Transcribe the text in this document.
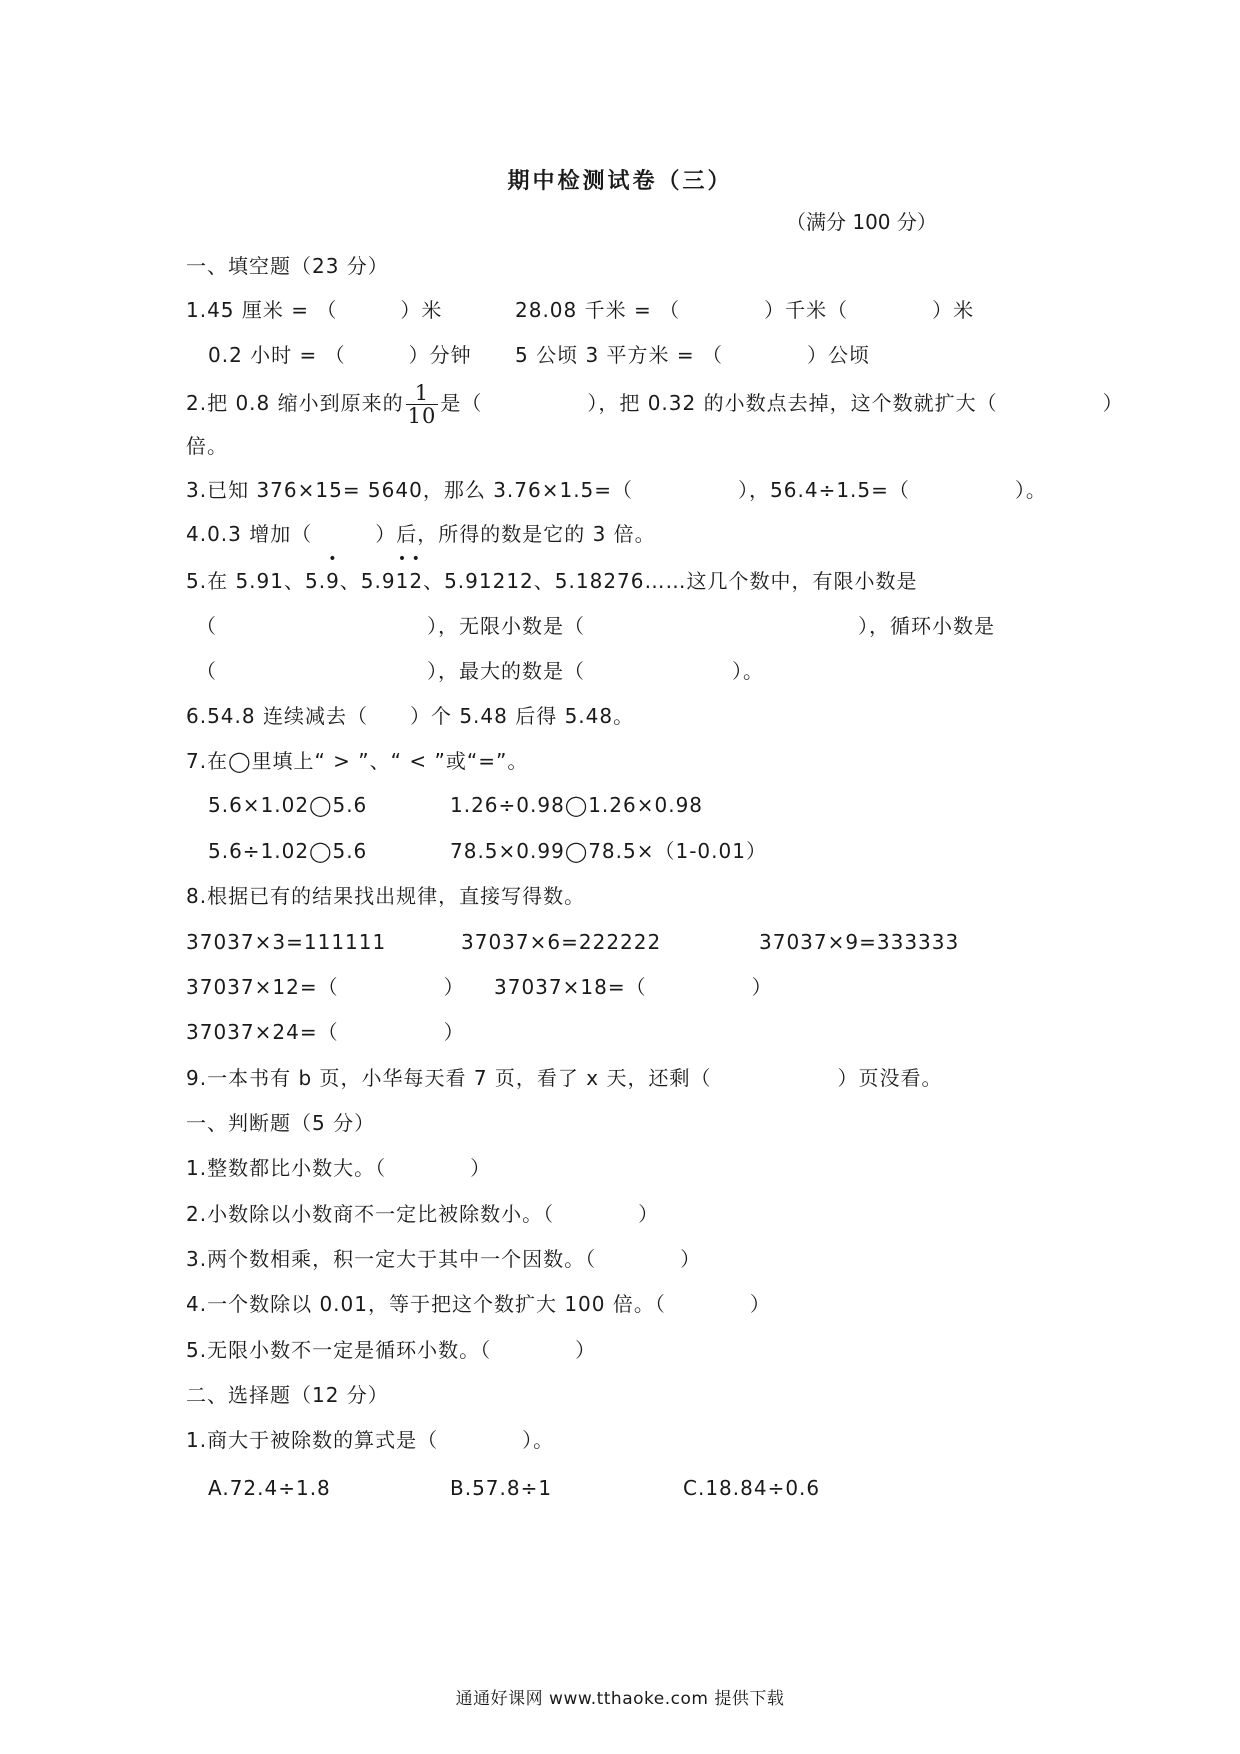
期中检测试卷（三）
（满分 100 分）
一、填空题（23 分）
1.45 厘米 = （　　　）米	28.08 千米 = （　　　　）千米（　　　　）米
0.2 小时 = （　　　）分钟 5 公顷 3 平方米 = （　　　　）公顷
2.把 0.8 缩小到原来的 $\frac{1}{10}$ 是（　　　　　），把 0.32 的小数点去掉，这个数就扩大（　　　　　）
倍。
3.已知 376×15= 5640，那么 3.76×1.5=（　　　　　），56.4÷1.5=（　　　　　）。
4.0.3 增加（　　　）后，所得的数是它的 3 倍。
5.在 5.91、5.• 9、5.9• 1• 2、5.91212、5.18276……这几个数中，有限小数是
（　　　　　　　　　　），无限小数是（　　　　　　　　　　　　　），循环小数是
（　　　　　　　　　　），最大的数是（　　　　　　　）。
6.54.8 连续减去（　　）个 5.48 后得 5.48。
7.在◯里填上“ > ”、“ < ”或“=”。
5.6×1.02◯5.6	1.26÷0.98◯1.26×0.98
5.6÷1.02◯5.6	78.5×0.99◯78.5×（1-0.01）
8.根据已有的结果找出规律，直接写得数。
37037×3=111111	37037×6=222222	37037×9=333333
37037×12=（　　　　　） 37037×18=（　　　　　）
37037×24=（　　　　　）
9.一本书有 b 页，小华每天看 7 页，看了 x 天，还剩（　　　　　　）页没看。
一、判断题（5 分）
1.整数都比小数大。（　　　　）
2.小数除以小数商不一定比被除数小。（　　　　）
3.两个数相乘，积一定大于其中一个因数。（　　　　）
4.一个数除以 0.01，等于把这个数扩大 100 倍。（　　　　）
5.无限小数不一定是循环小数。（　　　　）
二、选择题（12 分）
1.商大于被除数的算式是（　　　　）。
A.72.4÷1.8	B.57.8÷1	C.18.84÷0.6
通通好课网 www.tthaoke.com 提供下载
